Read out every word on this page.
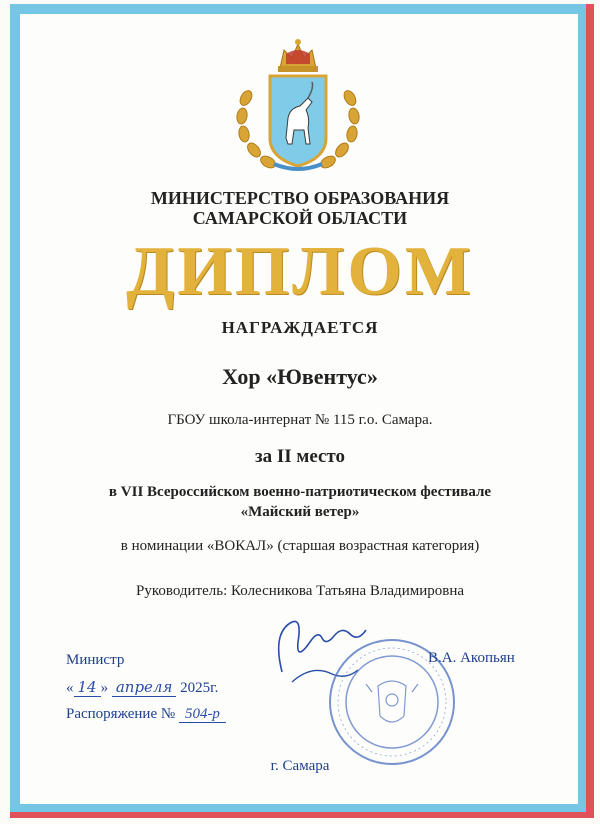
МИНИСТЕРСТВО ОБРАЗОВАНИЯ
САМАРСКОЙ ОБЛАСТИ
ДИПЛОМ
НАГРАЖДАЕТСЯ
Хор «Ювентус»
ГБОУ школа-интернат № 115 г.о. Самара.
за II место
в VII Всероссийском военно-патриотическом фестивале
«Майский ветер»
в номинации «ВОКАЛ» (старшая возрастная категория)
Руководитель: Колесникова Татьяна Владимировна
Министр	В.А. Акопьян
« 14 » апреля 2025г.
Распоряжение № 504-р
г. Самара
